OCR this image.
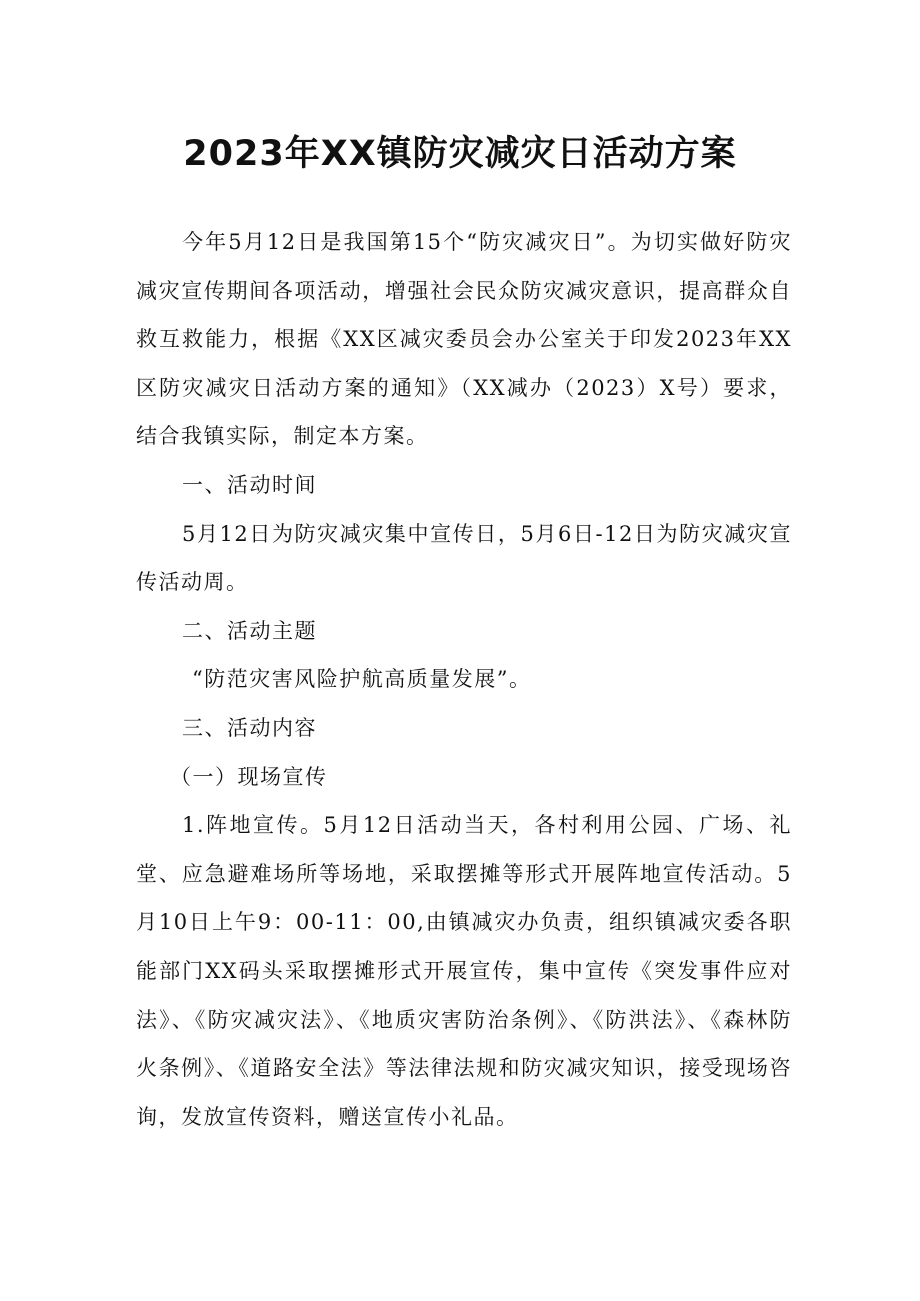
2023年XX镇防灾减灾日活动方案

今年5月12日是我国第15个“防灾减灾日”。为切实做好防灾减灾宣传期间各项活动，增强社会民众防灾减灾意识，提高群众自救互救能力，根据《XX区减灾委员会办公室关于印发2023年XX区防灾减灾日活动方案的通知》（XX减办（2023）X号）要求，结合我镇实际，制定本方案。

一、活动时间

5月12日为防灾减灾集中宣传日，5月6日-12日为防灾减灾宣传活动周。

二、活动主题

“防范灾害风险护航高质量发展”。

三、活动内容

（一）现场宣传

1.阵地宣传。5月12日活动当天，各村利用公园、广场、礼堂、应急避难场所等场地，采取摆摊等形式开展阵地宣传活动。5月10日上午9：00-11：00,由镇减灾办负责，组织镇减灾委各职能部门XX码头采取摆摊形式开展宣传，集中宣传《突发事件应对法》、《防灾减灾法》、《地质灾害防治条例》、《防洪法》、《森林防火条例》、《道路安全法》等法律法规和防灾减灾知识，接受现场咨询，发放宣传资料，赠送宣传小礼品。
